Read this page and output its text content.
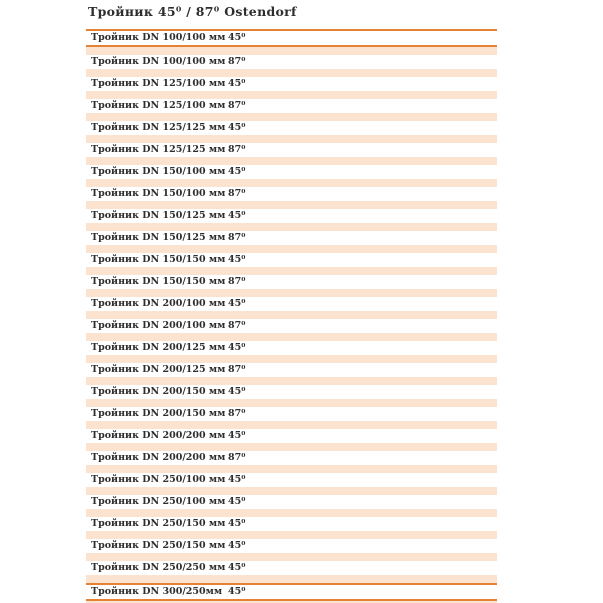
Тройник 45⁰ / 87⁰ Ostendorf
Тройник DN 100/100 мм 45⁰
Тройник DN 100/100 мм 87⁰
Тройник DN 125/100 мм 45⁰
Тройник DN 125/100 мм 87⁰
Тройник DN 125/125 мм 45⁰
Тройник DN 125/125 мм 87⁰
Тройник DN 150/100 мм 45⁰
Тройник DN 150/100 мм 87⁰
Тройник DN 150/125 мм 45⁰
Тройник DN 150/125 мм 87⁰
Тройник DN 150/150 мм 45⁰
Тройник DN 150/150 мм 87⁰
Тройник DN 200/100 мм 45⁰
Тройник DN 200/100 мм 87⁰
Тройник DN 200/125 мм 45⁰
Тройник DN 200/125 мм 87⁰
Тройник DN 200/150 мм 45⁰
Тройник DN 200/150 мм 87⁰
Тройник DN 200/200 мм 45⁰
Тройник DN 200/200 мм 87⁰
Тройник DN 250/100 мм 45⁰
Тройник DN 250/100 мм 45⁰
Тройник DN 250/150 мм 45⁰
Тройник DN 250/150 мм 45⁰
Тройник DN 250/250 мм 45⁰
Тройник DN 300/250мм 45⁰
